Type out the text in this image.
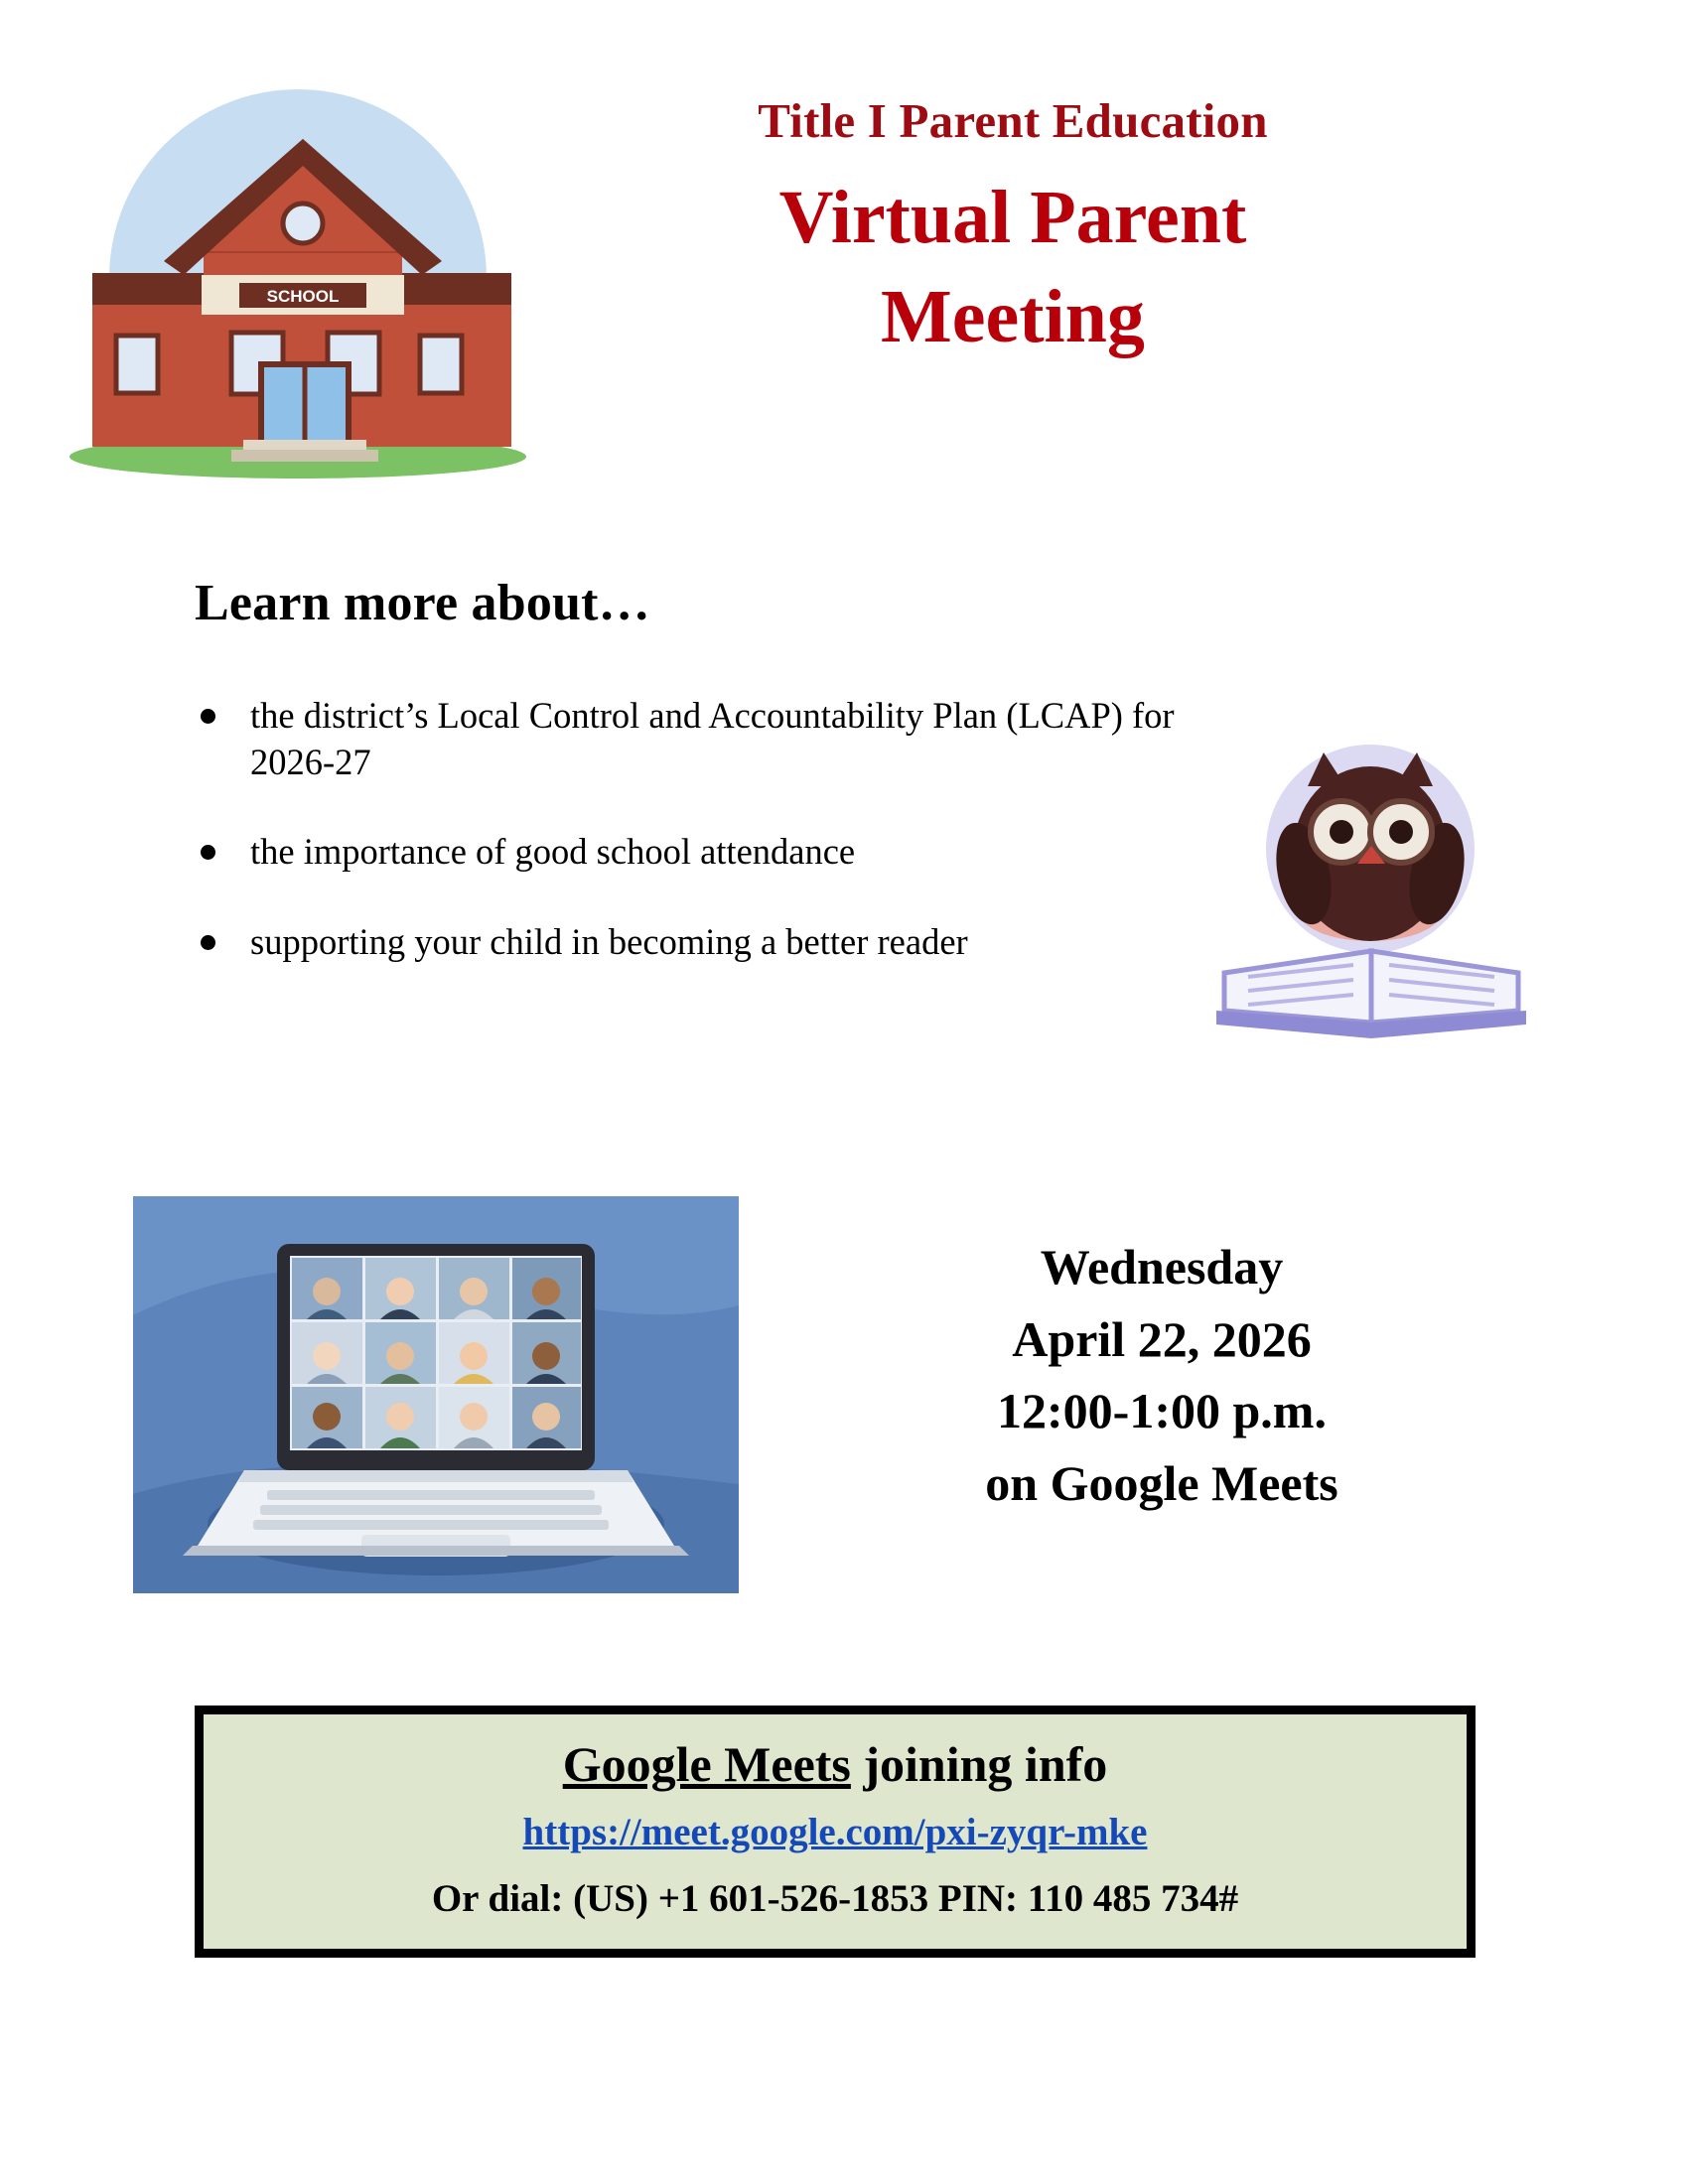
SCHOOL
Title I Parent Education
Virtual Parent
Meeting
Learn more about…
the district’s Local Control and Accountability Plan (LCAP) for 2026-27
the importance of good school attendance
supporting your child in becoming a better reader
Wednesday
April 22, 2026
12:00-1:00 p.m.
on Google Meets
Google Meets joining info
https://meet.google.com/pxi-zyqr-mke
Or dial: (US) +1 601-526-1853 PIN: 110 485 734#
